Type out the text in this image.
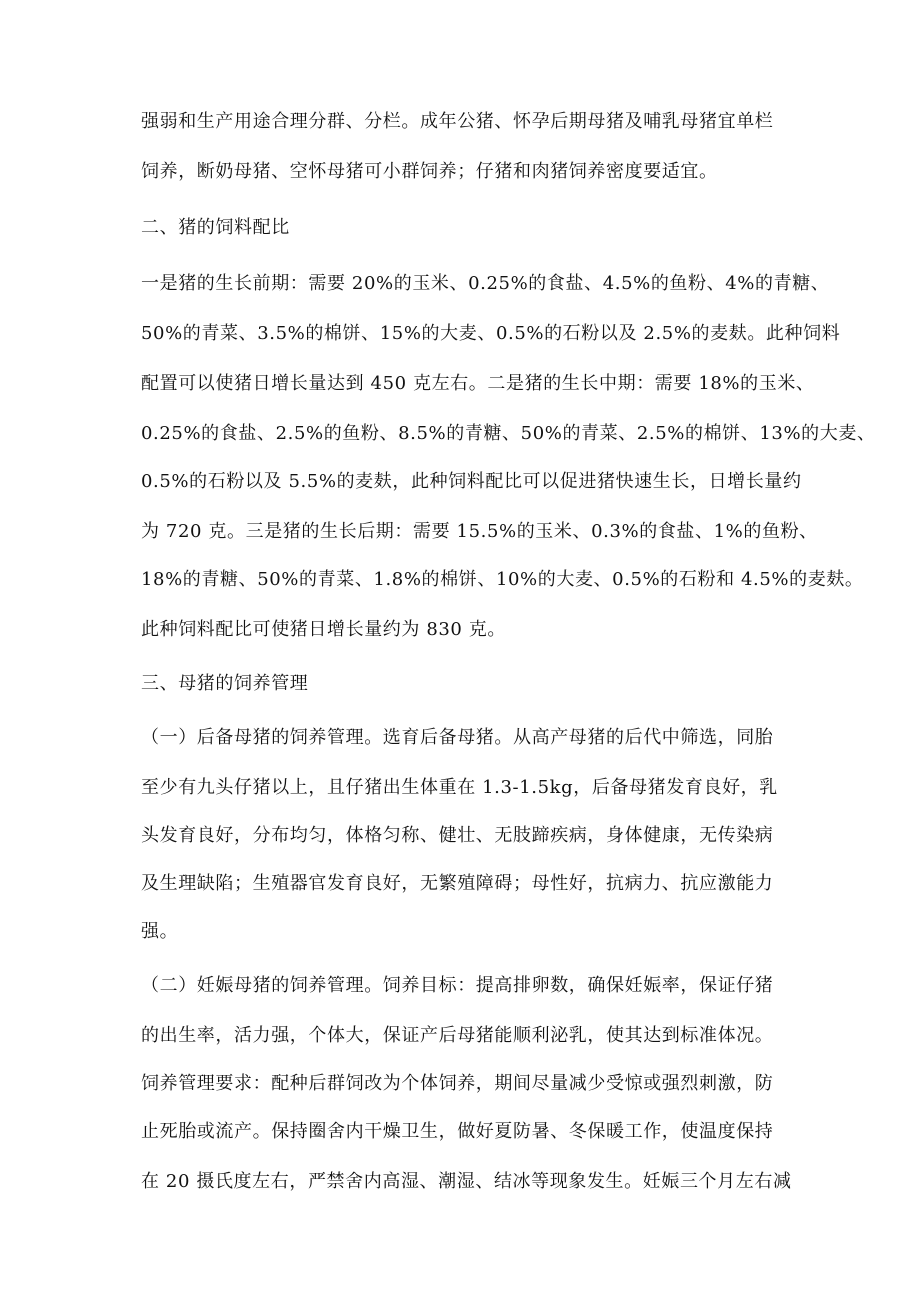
强弱和生产用途合理分群、分栏。成年公猪、怀孕后期母猪及哺乳母猪宜单栏
饲养，断奶母猪、空怀母猪可小群饲养；仔猪和肉猪饲养密度要适宜。
二、猪的饲料配比
一是猪的生长前期：需要 20%的玉米、0.25%的食盐、4.5%的鱼粉、4%的青糖、
50%的青菜、3.5%的棉饼、15%的大麦、0.5%的石粉以及 2.5%的麦麸。此种饲料
配置可以使猪日增长量达到 450 克左右。二是猪的生长中期：需要 18%的玉米、
0.25%的食盐、2.5%的鱼粉、8.5%的青糖、50%的青菜、2.5%的棉饼、13%的大麦、
0.5%的石粉以及 5.5%的麦麸，此种饲料配比可以促进猪快速生长，日增长量约
为 720 克。三是猪的生长后期：需要 15.5%的玉米、0.3%的食盐、1%的鱼粉、
18%的青糖、50%的青菜、1.8%的棉饼、10%的大麦、0.5%的石粉和 4.5%的麦麸。
此种饲料配比可使猪日增长量约为 830 克。
三、母猪的饲养管理
（一）后备母猪的饲养管理。选育后备母猪。从高产母猪的后代中筛选，同胎
至少有九头仔猪以上，且仔猪出生体重在 1.3-1.5kg，后备母猪发育良好，乳
头发育良好，分布均匀，体格匀称、健壮、无肢蹄疾病，身体健康，无传染病
及生理缺陷；生殖器官发育良好，无繁殖障碍；母性好，抗病力、抗应激能力
强。
（二）妊娠母猪的饲养管理。饲养目标：提高排卵数，确保妊娠率，保证仔猪
的出生率，活力强，个体大，保证产后母猪能顺利泌乳，使其达到标准体况。
饲养管理要求：配种后群饲改为个体饲养，期间尽量减少受惊或强烈刺激，防
止死胎或流产。保持圈舍内干燥卫生，做好夏防暑、冬保暖工作，使温度保持
在 20 摄氏度左右，严禁舍内高湿、潮湿、结冰等现象发生。妊娠三个月左右减
